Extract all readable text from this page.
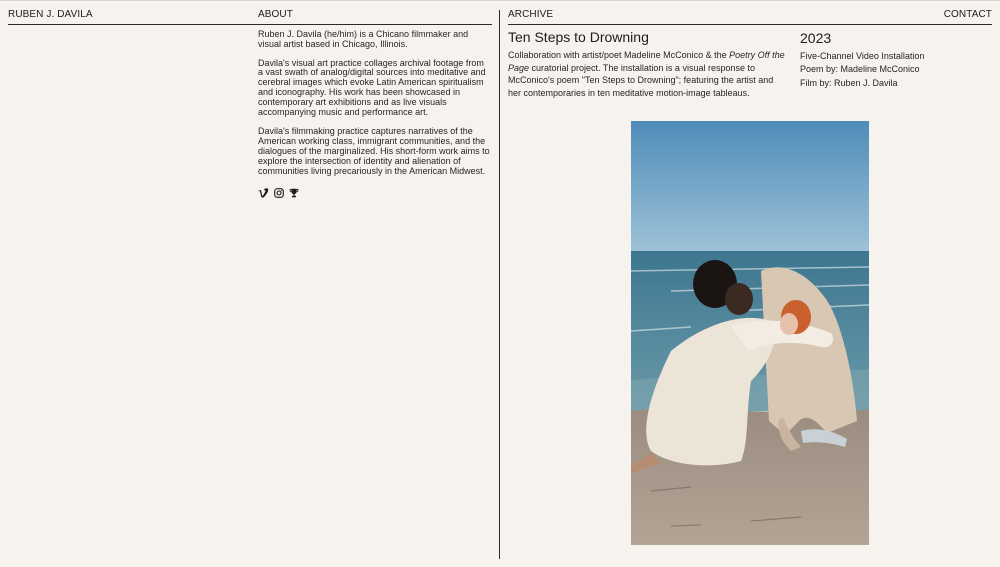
RUBEN J. DAVILA	ABOUT	ARCHIVE	CONTACT

Ruben J. Davila (he/him) is a Chicano filmmaker and visual artist based in Chicago, Illinois.

Davila's visual art practice collages archival footage from a vast swath of analog/digital sources into meditative and cerebral images which evoke Latin American spiritualism and iconography. His work has been showcased in contemporary art exhibitions and as live visuals accompanying music and performance art.

Davila's filmmaking practice captures narratives of the American working class, immigrant communities, and the dialogues of the marginalized. His short-form work aims to explore the intersection of identity and alienation of communities living precariously in the American Midwest.

Ten Steps to Drowning	2023
Collaboration with artist/poet Madeline McConico & the Poetry Off the Page curatorial project. The installation is a visual response to McConico's poem "Ten Steps to Drowning"; featuring the artist and her contemporaries in ten meditative motion-image tableaus.
Five-Channel Video Installation
Poem by: Madeline McConico
Film by: Ruben J. Davila
